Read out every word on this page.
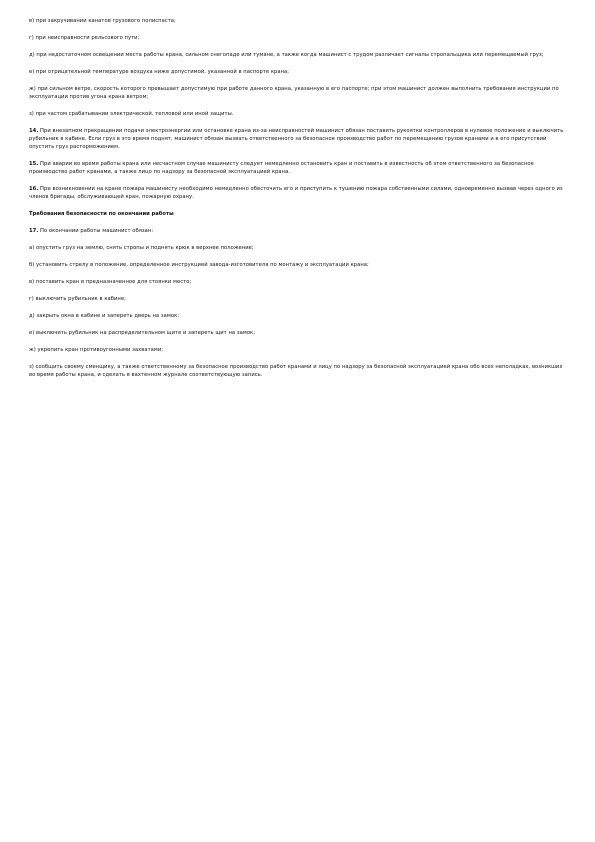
в) при закручивании канатов грузового полиспаста;

г) при неисправности рельсового пути;

д) при недостаточном освещении места работы крана, сильном снегопаде или тумане, а также когда машинист с трудом различает сигналы стропальщика или перемещаемый груз;

е) при отрицательной температуре воздуха ниже допустимой, указанной в паспорте крана;

ж) при сильном ветре, скорость которого превышает допустимую при работе данного крана, указанную в его паспорте; при этом машинист должен выполнить требования инструкции по эксплуатации против угона крана ветром;

з) при частом срабатывании электрической, тепловой или иной защиты.

14. При внезапном прекращении подачи электроэнергии или остановке крана из-за неисправностей машинист обязан поставить рукоятки контроллеров в нулевое положение и выключить рубильник в кабине. Если груз в это время поднят, машинист обязан вызвать ответственного за безопасное производство работ по перемещению грузов кранами и в его присутствии опустить груз расторможением.

15. При аварии во время работы крана или несчастном случае машинисту следует немедленно остановить кран и поставить в известность об этом ответственного за безопасное производство работ кранами, а также лицо по надзору за безопасной эксплуатацией крана.

16. При возникновении на кране пожара машинисту необходимо немедленно обесточить его и приступить к тушению пожара собственными силами, одновременно вызвав через одного из членов бригады, обслуживающей кран, пожарную охрану.

Требования безопасности по окончании работы

17. По окончании работы машинист обязан:

а) опустить груз на землю, снять стропы и поднять крюк в верхнее положение;

б) установить стрелу в положение, определенное инструкцией завода-изготовителя по монтажу и эксплуатации крана;

в) поставить кран в предназначенное для стоянки место;

г) выключить рубильник в кабине;

д) закрыть окна в кабине и запереть дверь на замок;

е) выключить рубильник на распределительном щите и запереть щит на замок;

ж) укрепить кран противоугонными захватами;

з) сообщить своему сменщику, а также ответственному за безопасное производство работ кранами и лицу по надзору за безопасной эксплуатацией крана обо всех неполадках, возникших во время работы крана, и сделать в вахтенном журнале соответствующую запись.
